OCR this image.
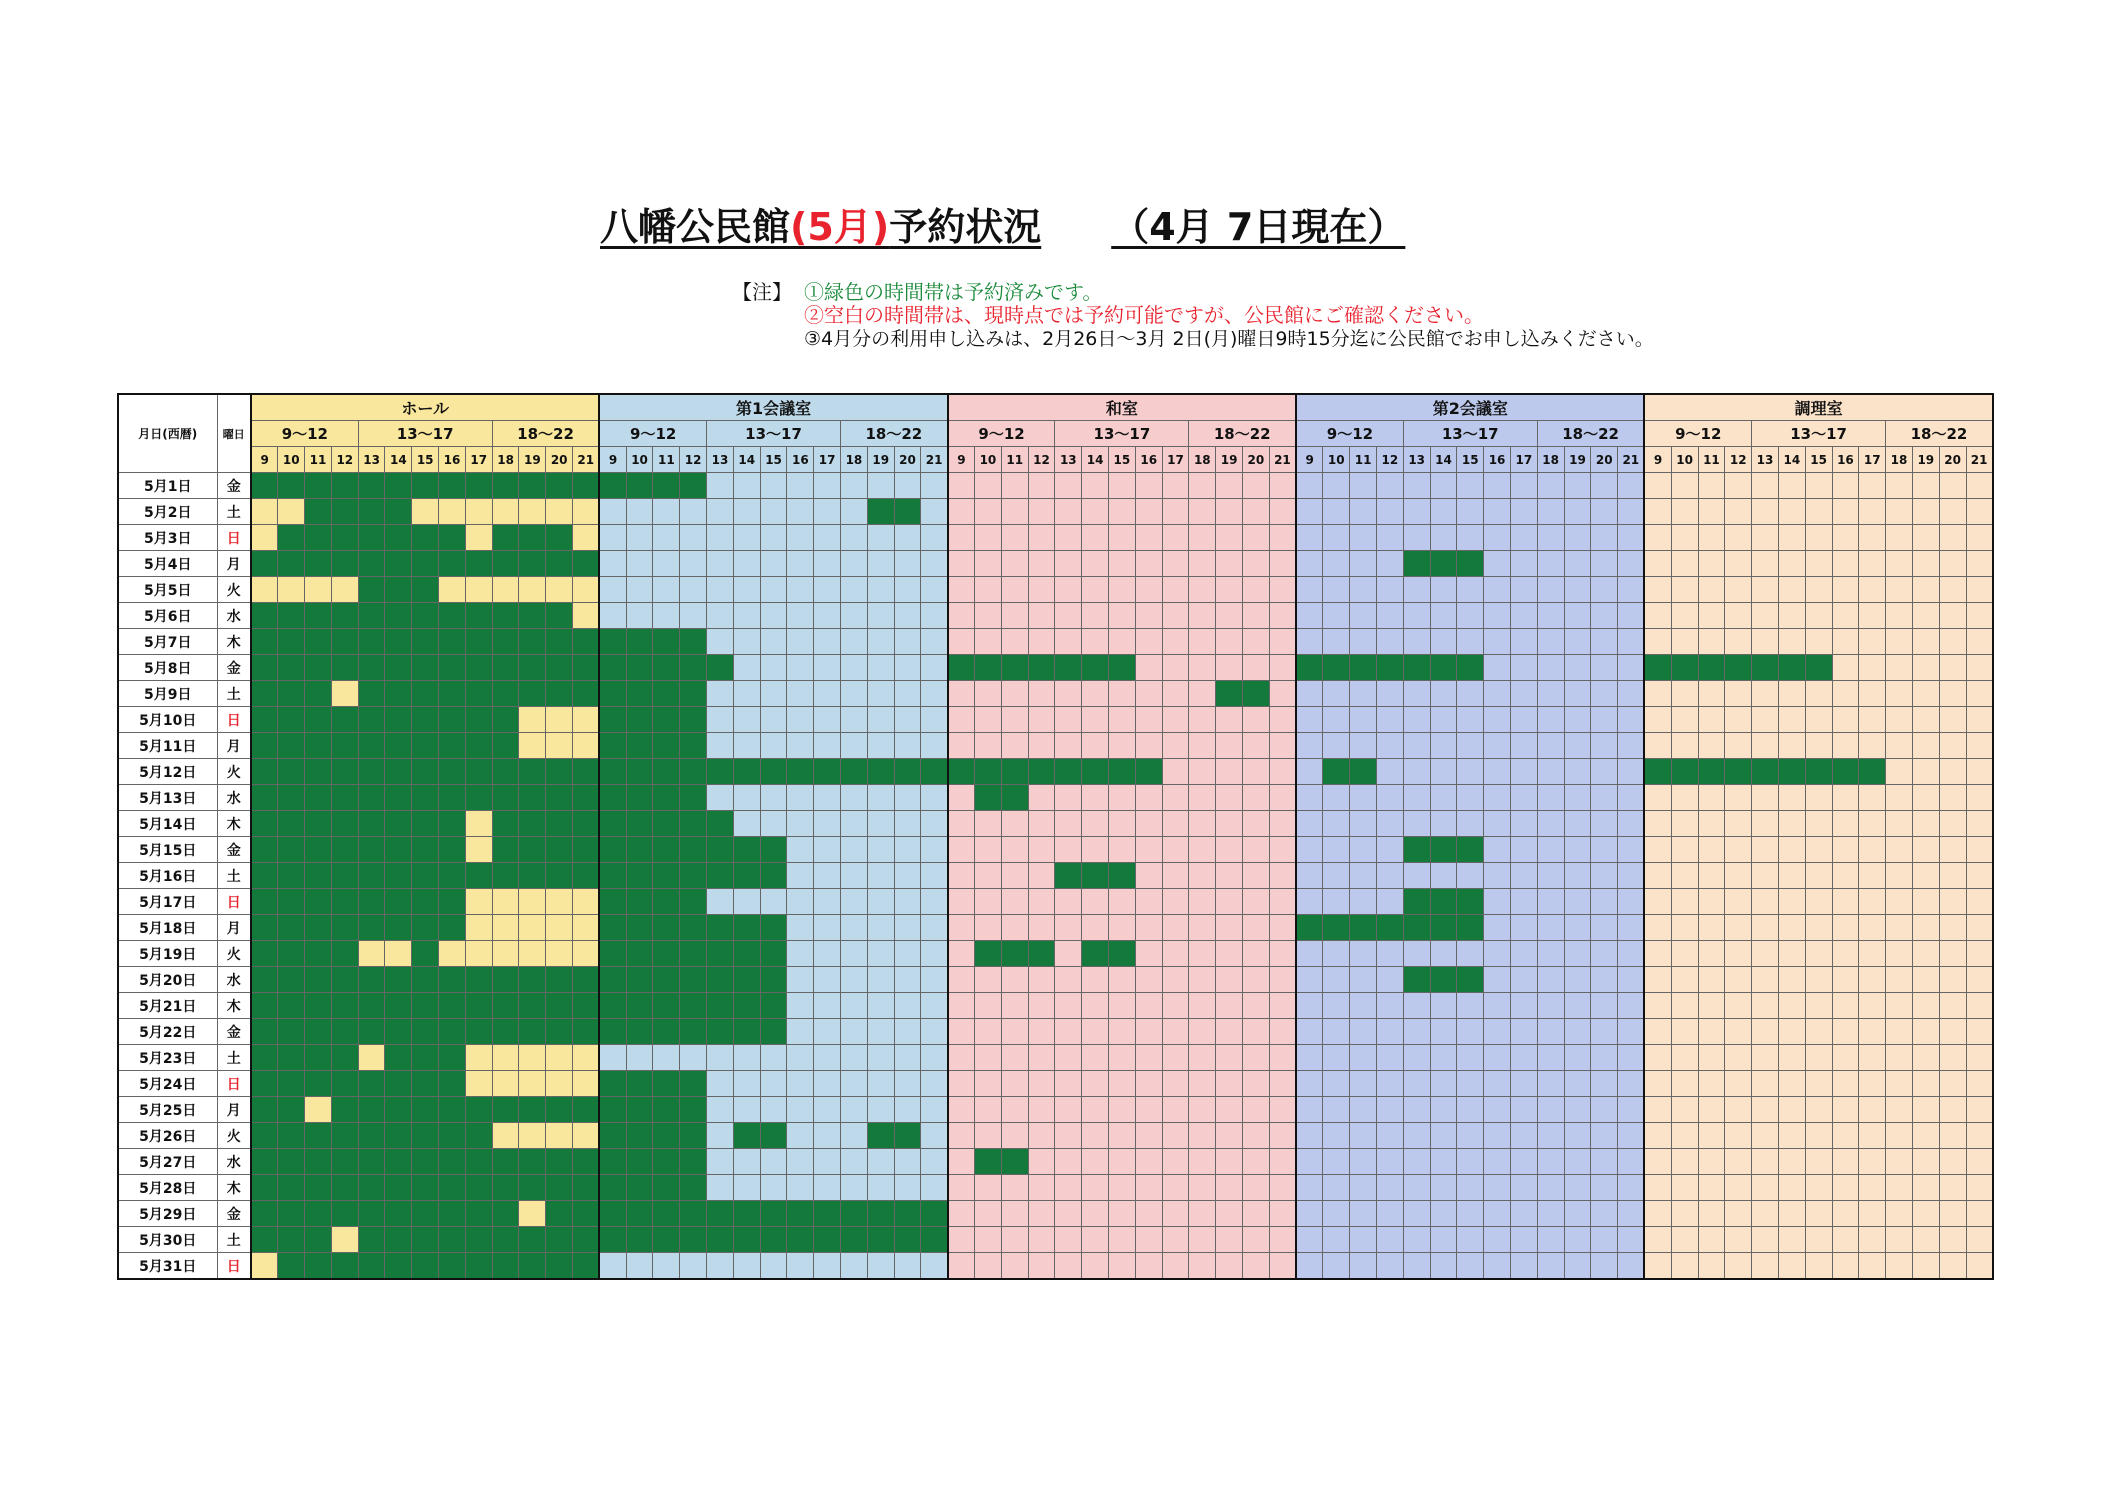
八幡公民館(5月)予約状況 （4月 7日現在）
【注】 ①緑色の時間帯は予約済みです。
②空白の時間帯は、現時点では予約可能ですが、公民館にご確認ください。
③4月分の利用申し込みは、2月26日～3月 2日(月)曜日9時15分迄に公民館でお申し込みください。
月日(西暦)	曜日	ホール	第1会議室	和室	第2会議室	調理室
9～12	13～17	18～22	9～12	13～17	18～22	9～12	13～17	18～22	9～12	13～17	18～22	9～12	13～17	18～22
9	10	11	12	13	14	15	16	17	18	19	20	21	9	10	11	12	13	14	15	16	17	18	19	20	21	9	10	11	12	13	14	15	16	17	18	19	20	21	9	10	11	12	13	14	15	16	17	18	19	20	21	9	10	11	12	13	14	15	16	17	18	19	20	21
5月1日	金																																																																	
5月2日	土																																																																	
5月3日	日																																																																	
5月4日	月																																																																	
5月5日	火																																																																	
5月6日	水																																																																	
5月7日	木																																																																	
5月8日	金																																																																	
5月9日	土																																																																	
5月10日	日																																																																	
5月11日	月																																																																	
5月12日	火																																																																	
5月13日	水																																																																	
5月14日	木																																																																	
5月15日	金																																																																	
5月16日	土																																																																	
5月17日	日																																																																	
5月18日	月																																																																	
5月19日	火																																																																	
5月20日	水																																																																	
5月21日	木																																																																	
5月22日	金																																																																	
5月23日	土																																																																	
5月24日	日																																																																	
5月25日	月																																																																	
5月26日	火																																																																	
5月27日	水																																																																	
5月28日	木																																																																	
5月29日	金																																																																	
5月30日	土																																																																	
5月31日	日																																																																	
